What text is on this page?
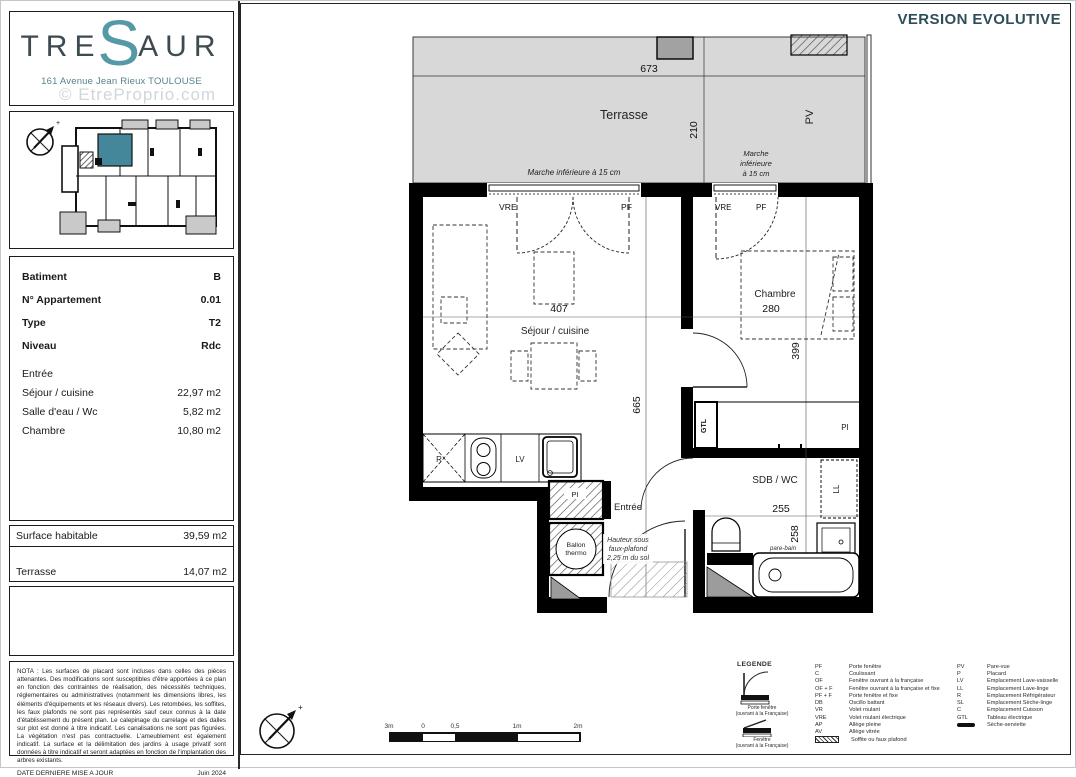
TRE
S
AUR
161 Avenue Jean Rieux TOULOUSE
© EtreProprio.com
+
Batiment	B
N° Appartement	0.01
Type	T2
Niveau	Rdc
Entrée
Séjour / cuisine	22,97 m2
Salle d'eau / Wc	5,82 m2
Chambre	10,80 m2
Surface habitable	39,59 m2
Terrasse	14,07 m2
NOTA : Les surfaces de placard sont incluses dans celles des pièces attenantes. Des modifications sont susceptibles d'être apportées à ce plan en fonction des contraintes de réalisation, des nécessités techniques, réglementaires ou administratives (notamment les dimensions libres, les éléments d'équipements et les réseaux divers). Les retombées, les soffites, les faux plafonds ne sont pas représentés sauf ceux connus à la date d'établissement du présent plan. Le calepinage du carrelage et des dalles sur plot est donné à titre indicatif. Les canalisations ne sont pas figurées. La végétation n'est pas contractuelle. L'ameublement est également indicatif. La surface et la délimitation des jardins à usage privatif sont données à titre indicatif et seront adaptées en fonction de l'implantation des arbres existants.
DATE DERNIERE MISE A JOUR	Juin 2024
VERSION EVOLUTIVE
673
210
Terrasse
Marche inférieure à 15 cm
Marche
inférieure
à 15 cm
PV
VRE	PF	VRE	PF
407	280
399
665
255
258
Séjour / cuisine
Chambre
SDB / WC
Entrée
PI
GTL
R	LV
PI
Ballon
thermo
Hauteur sous
faux-plafond
2,25 m du sol
LL
pare-bain
0	0,5	1m	2m
3m
+
LEGENDE
Porte fenêtre
(ouvrant à la Française)
Fenêtre
(ouvrant à la Française)
PF	Porte fenêtre
C	Coulissant
OF	Fenêtre ouvrant à la française
OF + F	Fenêtre ouvrant à la française et fixe
PF + F	Porte fenêtre et fixe
DB	Oscillo battant
VR	Volet roulant
VRE	Volet roulant électrique
AP	Allège pleine
AV	Allège vitrée
Soffite ou faux plafond
PV	Pare-vue
P	Placard
LV	Emplacement Lave-vaisselle
LL	Emplacement Lave-linge
R	Emplacement Réfrigérateur
SL	Emplacement Sèche-linge
C	Emplacement Cuisson
GTL	Tableau électrique
Sèche-serviette
